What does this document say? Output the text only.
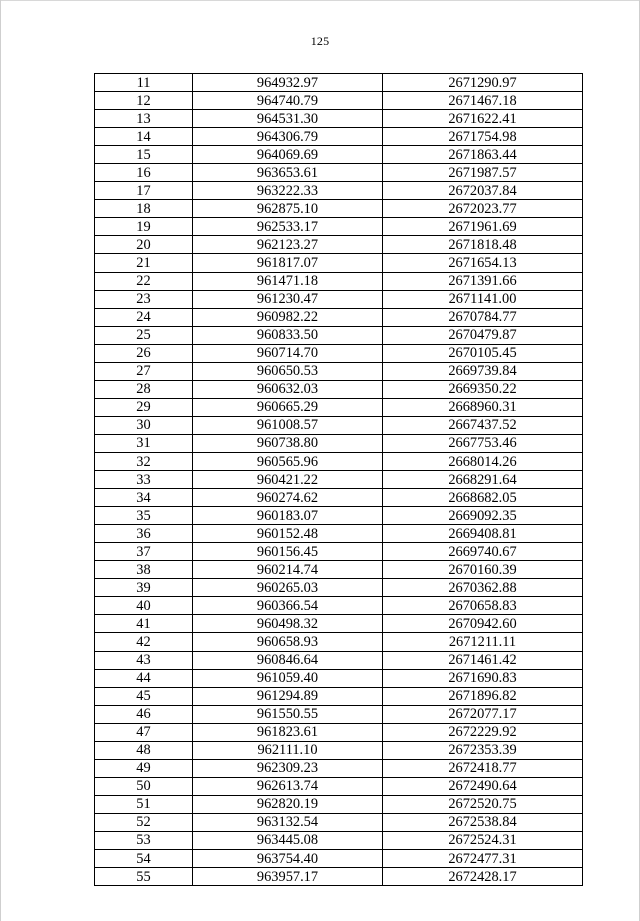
125
11	964932.97	2671290.97
12	964740.79	2671467.18
13	964531.30	2671622.41
14	964306.79	2671754.98
15	964069.69	2671863.44
16	963653.61	2671987.57
17	963222.33	2672037.84
18	962875.10	2672023.77
19	962533.17	2671961.69
20	962123.27	2671818.48
21	961817.07	2671654.13
22	961471.18	2671391.66
23	961230.47	2671141.00
24	960982.22	2670784.77
25	960833.50	2670479.87
26	960714.70	2670105.45
27	960650.53	2669739.84
28	960632.03	2669350.22
29	960665.29	2668960.31
30	961008.57	2667437.52
31	960738.80	2667753.46
32	960565.96	2668014.26
33	960421.22	2668291.64
34	960274.62	2668682.05
35	960183.07	2669092.35
36	960152.48	2669408.81
37	960156.45	2669740.67
38	960214.74	2670160.39
39	960265.03	2670362.88
40	960366.54	2670658.83
41	960498.32	2670942.60
42	960658.93	2671211.11
43	960846.64	2671461.42
44	961059.40	2671690.83
45	961294.89	2671896.82
46	961550.55	2672077.17
47	961823.61	2672229.92
48	962111.10	2672353.39
49	962309.23	2672418.77
50	962613.74	2672490.64
51	962820.19	2672520.75
52	963132.54	2672538.84
53	963445.08	2672524.31
54	963754.40	2672477.31
55	963957.17	2672428.17
